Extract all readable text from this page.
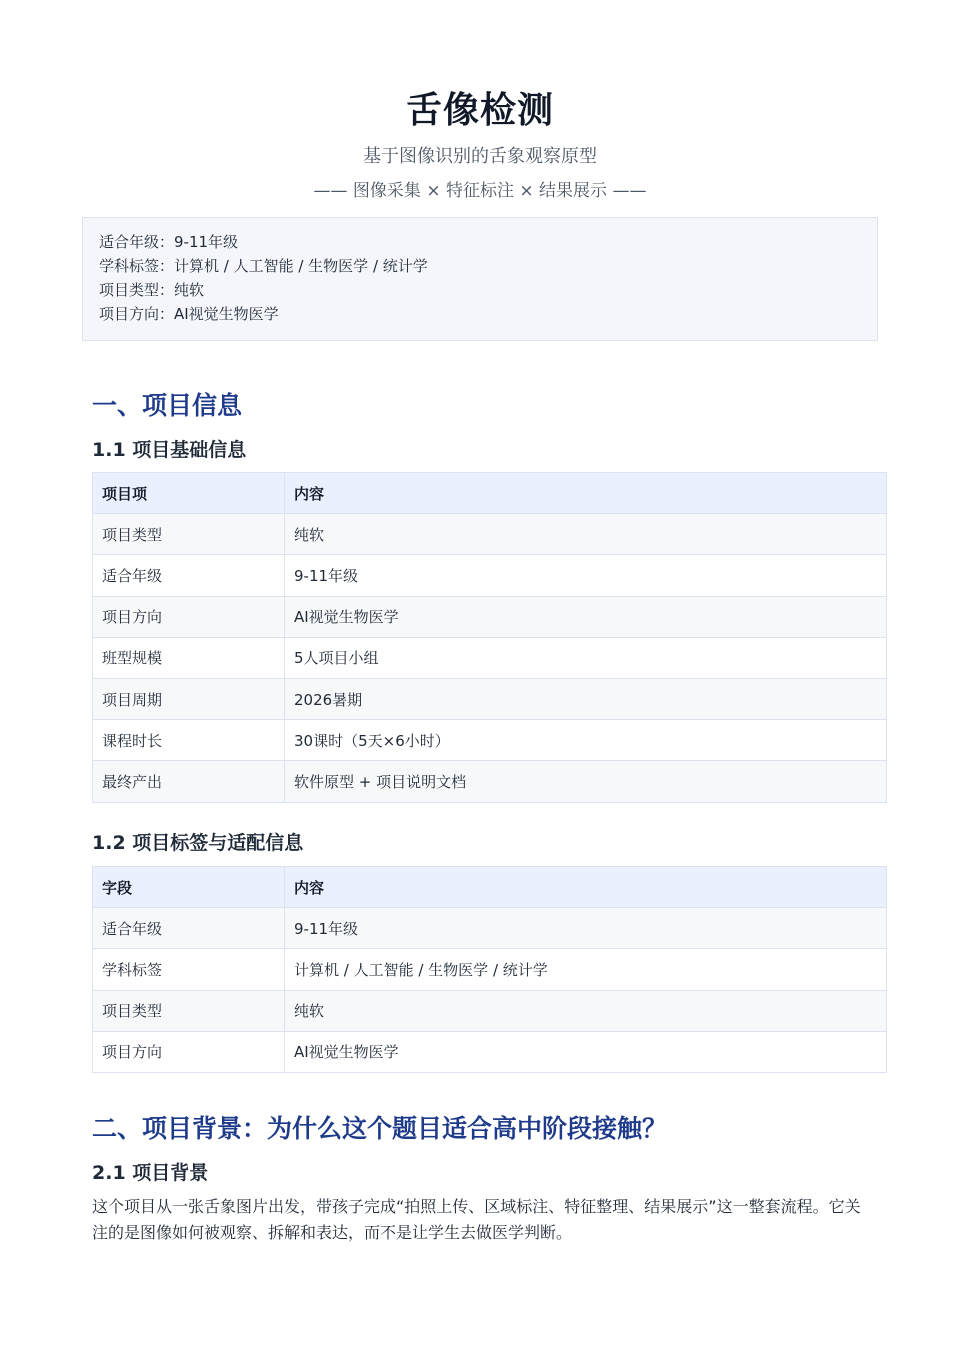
舌像检测
基于图像识别的舌象观察原型
—— 图像采集 × 特征标注 × 结果展示 ——
适合年级：9-11年级
学科标签：计算机 / 人工智能 / 生物医学 / 统计学
项目类型：纯软
项目方向：AI视觉生物医学
一、项目信息
1.1 项目基础信息
项目项	内容
项目类型	纯软
适合年级	9-11年级
项目方向	AI视觉生物医学
班型规模	5人项目小组
项目周期	2026暑期
课程时长	30课时（5天×6小时）
最终产出	软件原型 + 项目说明文档
1.2 项目标签与适配信息
字段	内容
适合年级	9-11年级
学科标签	计算机 / 人工智能 / 生物医学 / 统计学
项目类型	纯软
项目方向	AI视觉生物医学
二、项目背景：为什么这个题目适合高中阶段接触？
2.1 项目背景
这个项目从一张舌象图片出发，带孩子完成“拍照上传、区域标注、特征整理、结果展示”这一整套流程。它关注的是图像如何被观察、拆解和表达，而不是让学生去做医学判断。
